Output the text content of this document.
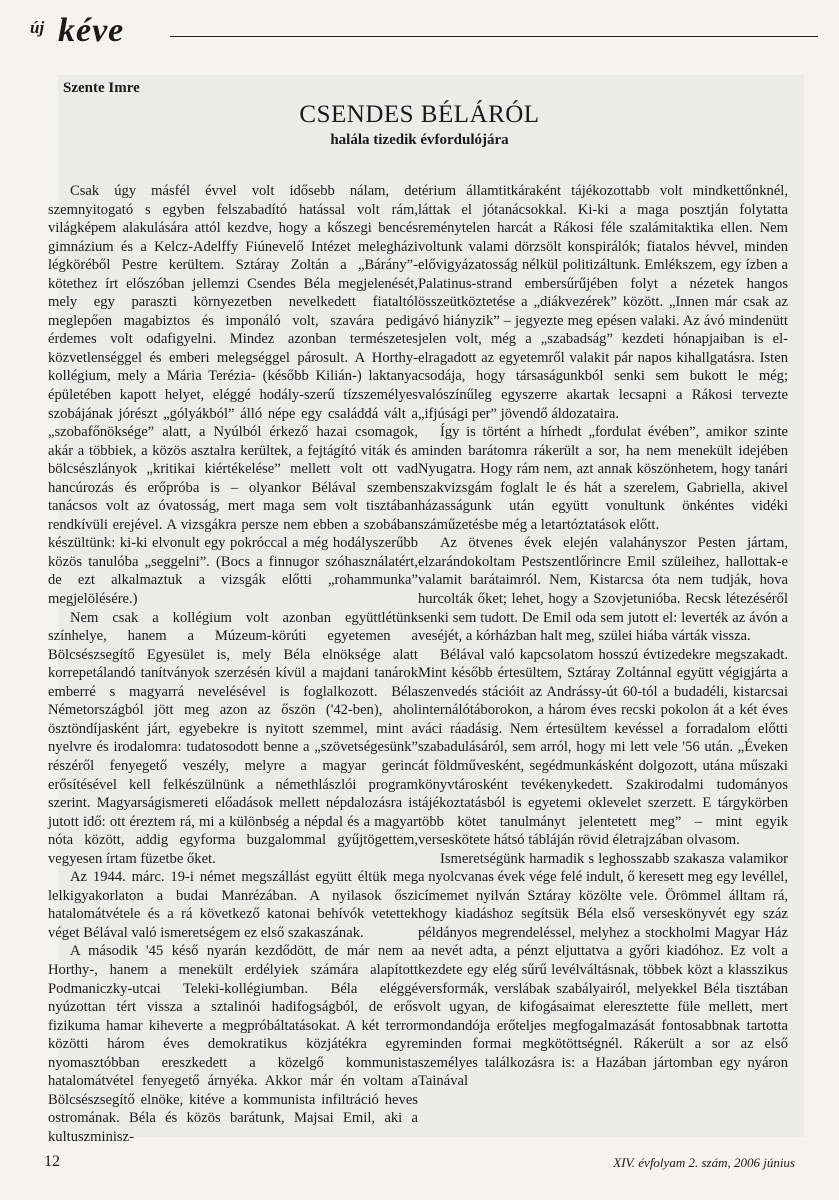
új kéve
Szente Imre
CSENDES BÉLÁRÓL
halála tizedik évfordulójára

Csak úgy másfél évvel volt idősebb nálam, de szemnyitogató s egyben felszabadító hatással volt rám, világképem alakulására attól kezdve, hogy a kőszegi bencés gimnázium és a Kelcz-Adelffy Fiúnevelő Intézet melegházi légköréből Pestre kerültem. Sztáray Zoltán a „Bárány”-kötethez írt előszóban jellemzi Csendes Béla megjelenését, mely egy paraszti környezetben nevelkedett fiataltól meglepően magabiztos és imponáló volt, szavára pedig érdemes volt odafigyelni. Mindez azonban természetes közvetlenséggel és emberi melegséggel párosult. A Horthy-kollégium, mely a Mária Terézia- (később Kilián-) laktanya épületében kapott helyet, eléggé hodály-szerű tízszemélyes szobájának jórészt „gólyákból” álló népe egy családdá vált a „szobafőnöksége” alatt, a Nyúlból érkező hazai csomagok, akár a többiek, a közös asztalra kerültek, a fejtágító viták és a bölcsészlányok „kritikai kiértékelése” mellett volt ott vad hancúrozás és erőpróba is – olyankor Bélával szemben tanácsos volt az óvatosság, mert maga sem volt tisztában rendkívüli erejével. A vizsgákra persze nem ebben a szobában készültünk: ki-ki elvonult egy pokróccal a még hodályszerűbb közös tanulóba „seggelni”. (Bocs a finnugor szóhasználatért, de ezt alkalmaztuk a vizsgák előtti „rohammunka” megjelölésére.)

Nem csak a kollégium volt azonban együttlétünk színhelye, hanem a Múzeum-körúti egyetemen a Bölcsészsegítő Egyesület is, mely Béla elnöksége alatt korrepetálandó tanítványok szerzésén kívül a majdani tanárok emberré s magyarrá nevelésével is foglalkozott. Béla Németországból jött meg azon az őszön ('42-ben), ahol ösztöndíjasként járt, egyebekre is nyitott szemmel, mint a nyelvre és irodalomra: tudatosodott benne a „szövetségesünk” részéről fenyegető veszély, melyre a magyar gerinc erősítésével kell felkészülnünk a némethlászlói program szerint. Magyarságismereti előadások mellett népdalozásra is jutott idő: ott éreztem rá, mi a különbség a népdal és a magyar nóta között, addig egyforma buzgalommal gyűjtögettem, vegyesen írtam füzetbe őket.

Az 1944. márc. 19-i német megszállást együtt éltük meg lelkigyakorlaton a budai Manrézában. A nyilasok őszi hatalomátvétele és a rá következő katonai behívók vetettek véget Bélával való ismeretségem ez első szakaszának.

A második '45 késő nyarán kezdődött, de már nem a Horthy-, hanem a menekült erdélyiek számára alapított Podmaniczky-utcai Teleki-kollégiumban. Béla eléggé nyúzottan tért vissza a sztalinói hadifogságból, de erős fizikuma hamar kiheverte a megpróbáltatásokat. A két terror közötti három éves demokratikus közjátékra egyre nyomasztóbban ereszkedett a közelgő kommunista hatalomátvétel fenyegető árnyéka. Akkor már én voltam a Bölcsészsegítő elnöke, kitéve a kommunista infiltráció heves ostromának. Béla és közös barátunk, Majsai Emil, aki a kultuszminisz-

térium államtitkáraként tájékozottabb volt mindkettőnknél, láttak el jótanácsokkal. Ki-ki a maga posztján folytatta reménytelen harcát a Rákosi féle szalámitaktika ellen. Nem voltunk valami dörzsölt konspirálók; fiatalos hévvel, minden elővigyázatosság nélkül politizáltunk. Emlékszem, egy ízben a Palatinus-strand embersűrűjében folyt a nézetek hangos összeütköztetése a „diákvezérek” között. „Innen már csak az ávó hiányzik” – jegyezte meg epésen valaki. Az ávó mindenütt jelen volt, még a „szabadság” kezdeti hónapjaiban is el-elragadott az egyetemről valakit pár napos kihallgatásra. Isten csodája, hogy társaságunkból senki sem bukott le még; valószínűleg egyszerre akartak lecsapni a Rákosi tervezte „ifjúsági per” jövendő áldozataira.

Így is történt a hírhedt „fordulat évében”, amikor szinte minden barátomra rákerült a sor, ha nem menekült idejében Nyugatra. Hogy rám nem, azt annak köszönhetem, hogy tanári szakvizsgám foglalt le és hát a szerelem, Gabriella, akivel házasságunk után együtt vonultunk önkéntes vidéki száműzetésbe még a letartóztatások előtt.

Az ötvenes évek elején valahányszor Pesten jártam, elzarándokoltam Pestszentlőrincre Emil szüleihez, hallottak-e valamit barátaimról. Nem, Kistarcsa óta nem tudják, hova hurcolták őket; lehet, hogy a Szovjetunióba. Recsk létezéséről senki sem tudott. De Emil oda sem jutott el: leverték az ávón a veséjét, a kórházban halt meg, szülei hiába várták vissza.

Bélával való kapcsolatom hosszú évtizedekre megszakadt. Mint később értesültem, Sztáray Zoltánnal együtt végigjárta a szenvedés stációit az Andrássy-út 60-tól a budadéli, kistarcsai internálótáborokon, a három éves recski pokolon át a két éves váci ráadásig. Nem értesültem kevéssel a forradalom előtti szabadulásáról, sem arról, hogy mi lett vele '56 után. „Éveken át földművesként, segédmunkásként dolgozott, utána műszaki könyvtárosként tevékenykedett. Szakirodalmi tudományos tájékoztatásból is egyetemi oklevelet szerzett. E tárgykörben több kötet tanulmányt jelentetett meg” – mint egyik verseskötete hátsó tábláján rövid életrajzában olvasom.

Ismeretségünk harmadik s leghosszabb szakasza valamikor a nyolcvanas évek vége felé indult, ő keresett meg egy levéllel, címemet nyilván Sztáray közölte vele. Örömmel álltam rá, hogy kiadáshoz segítsük Béla első verseskönyvét egy száz példányos megrendeléssel, melyhez a stockholmi Magyar Ház a nevét adta, a pénzt eljuttatva a győri kiadóhoz. Ez volt a kezdete egy elég sűrű levélváltásnak, többek közt a klasszikus versformák, verslábak szabályairól, melyekkel Béla tisztában volt ugyan, de kifogásaimat eleresztette füle mellett, mert mondandója erőteljes megfogalmazását fontosabbnak tartotta minden formai megkötöttségnél. Rákerült a sor az első személyes találkozásra is: a Hazában jártomban egy nyáron Tainával

12	XIV. évfolyam 2. szám, 2006 június
